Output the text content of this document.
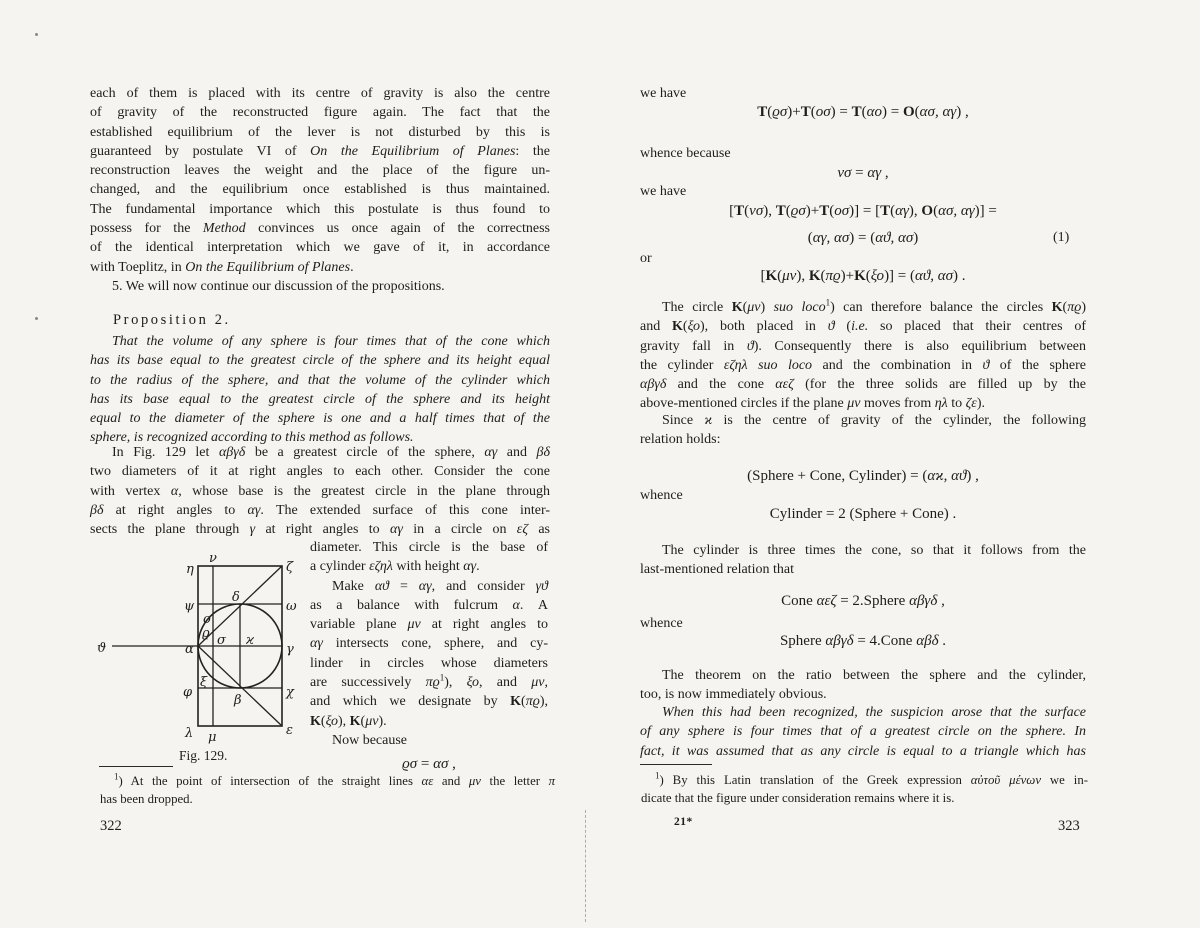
each of them is placed with its centre of gravity is also the centre
of gravity of the reconstructed figure again. The fact that the
established equilibrium of the lever is not disturbed by this is
guaranteed by postulate VI of On the Equilibrium of Planes: the
reconstruction leaves the weight and the place of the figure un-
changed, and the equilibrium once established is thus maintained.
The fundamental importance which this postulate is thus found to
possess for the Method convinces us once again of the correctness
of the identical interpretation which we gave of it, in accordance
with Toeplitz, in On the Equilibrium of Planes.
5. We will now continue our discussion of the propositions.
Proposition 2.
That the volume of any sphere is four times that of the cone which
has its base equal to the greatest circle of the sphere and its height equal
to the radius of the sphere, and that the volume of the cylinder which
has its base equal to the greatest circle of the sphere and its height
equal to the diameter of the sphere is one and a half times that of the
sphere, is recognized according to this method as follows.
In Fig. 129 let αβγδ be a greatest circle of the sphere, αγ and βδ
two diameters of it at right angles to each other. Consider the cone
with vertex α, whose base is the greatest circle in the plane through
βδ at right angles to αγ. The extended surface of this cone inter-
sects the plane through γ at right angles to αγ in a circle on εζ as
diameter. This circle is the base of
a cylinder εζηλ with height αγ.
Make αϑ = αγ, and consider γϑ
as a balance with fulcrum α. A
variable plane μν at right angles to
αγ intersects cone, sphere, and cy-
linder in circles whose diameters
are successively $\pi ϱ^1$), ξο, and μν,
and which we designate by K(πϱ),
K(ξο), K(μν).
Now because
ϱσ = ασ ,
η
ν
ζ
ψ
δ
ω
ϑ	α
ο
ϱ σ ϰ
γ
φ
ξ
β
χ
λ μ	ε
Fig. 129.
$^1$) At the point of intersection of the straight lines αε and μν the letter π
has been dropped.
322
we have
T(ϱσ)+T(οσ) = T(αο) = O(ασ, αγ) ,
whence because
νσ = αγ ,
we have
[T(νσ), T(ϱσ)+T(οσ)] = [T(αγ), O(ασ, αγ)] =
(αγ, ασ) = (αϑ, ασ)	(1)
or
[K(μν), K(πϱ)+K(ξο)] = (αϑ, ασ) .
The circle K(μν) suo loco$^1$) can therefore balance the circles K(πϱ)
and K(ξο), both placed in ϑ (i.e. so placed that their centres of
gravity fall in ϑ). Consequently there is also equilibrium between
the cylinder εζηλ suo loco and the combination in ϑ of the sphere
αβγδ and the cone αεζ (for the three solids are filled up by the
above-mentioned circles if the plane μν moves from ηλ to ζε).
Since ϰ is the centre of gravity of the cylinder, the following
relation holds:
(Sphere + Cone, Cylinder) = (αϰ, αϑ) ,
whence
Cylinder = 2 (Sphere + Cone) .
The cylinder is three times the cone, so that it follows from the
last-mentioned relation that
Cone αεζ = 2.Sphere αβγδ ,
whence
Sphere αβγδ = 4.Cone αβδ .
The theorem on the ratio between the sphere and the cylinder,
too, is now immediately obvious.
When this had been recognized, the suspicion arose that the surface
of any sphere is four times that of a greatest circle on the sphere. In
fact, it was assumed that as any circle is equal to a triangle which has
$^1$) By this Latin translation of the Greek expression αὐτοῦ μένων we in-
dicate that the figure under consideration remains where it is.
21*	323
